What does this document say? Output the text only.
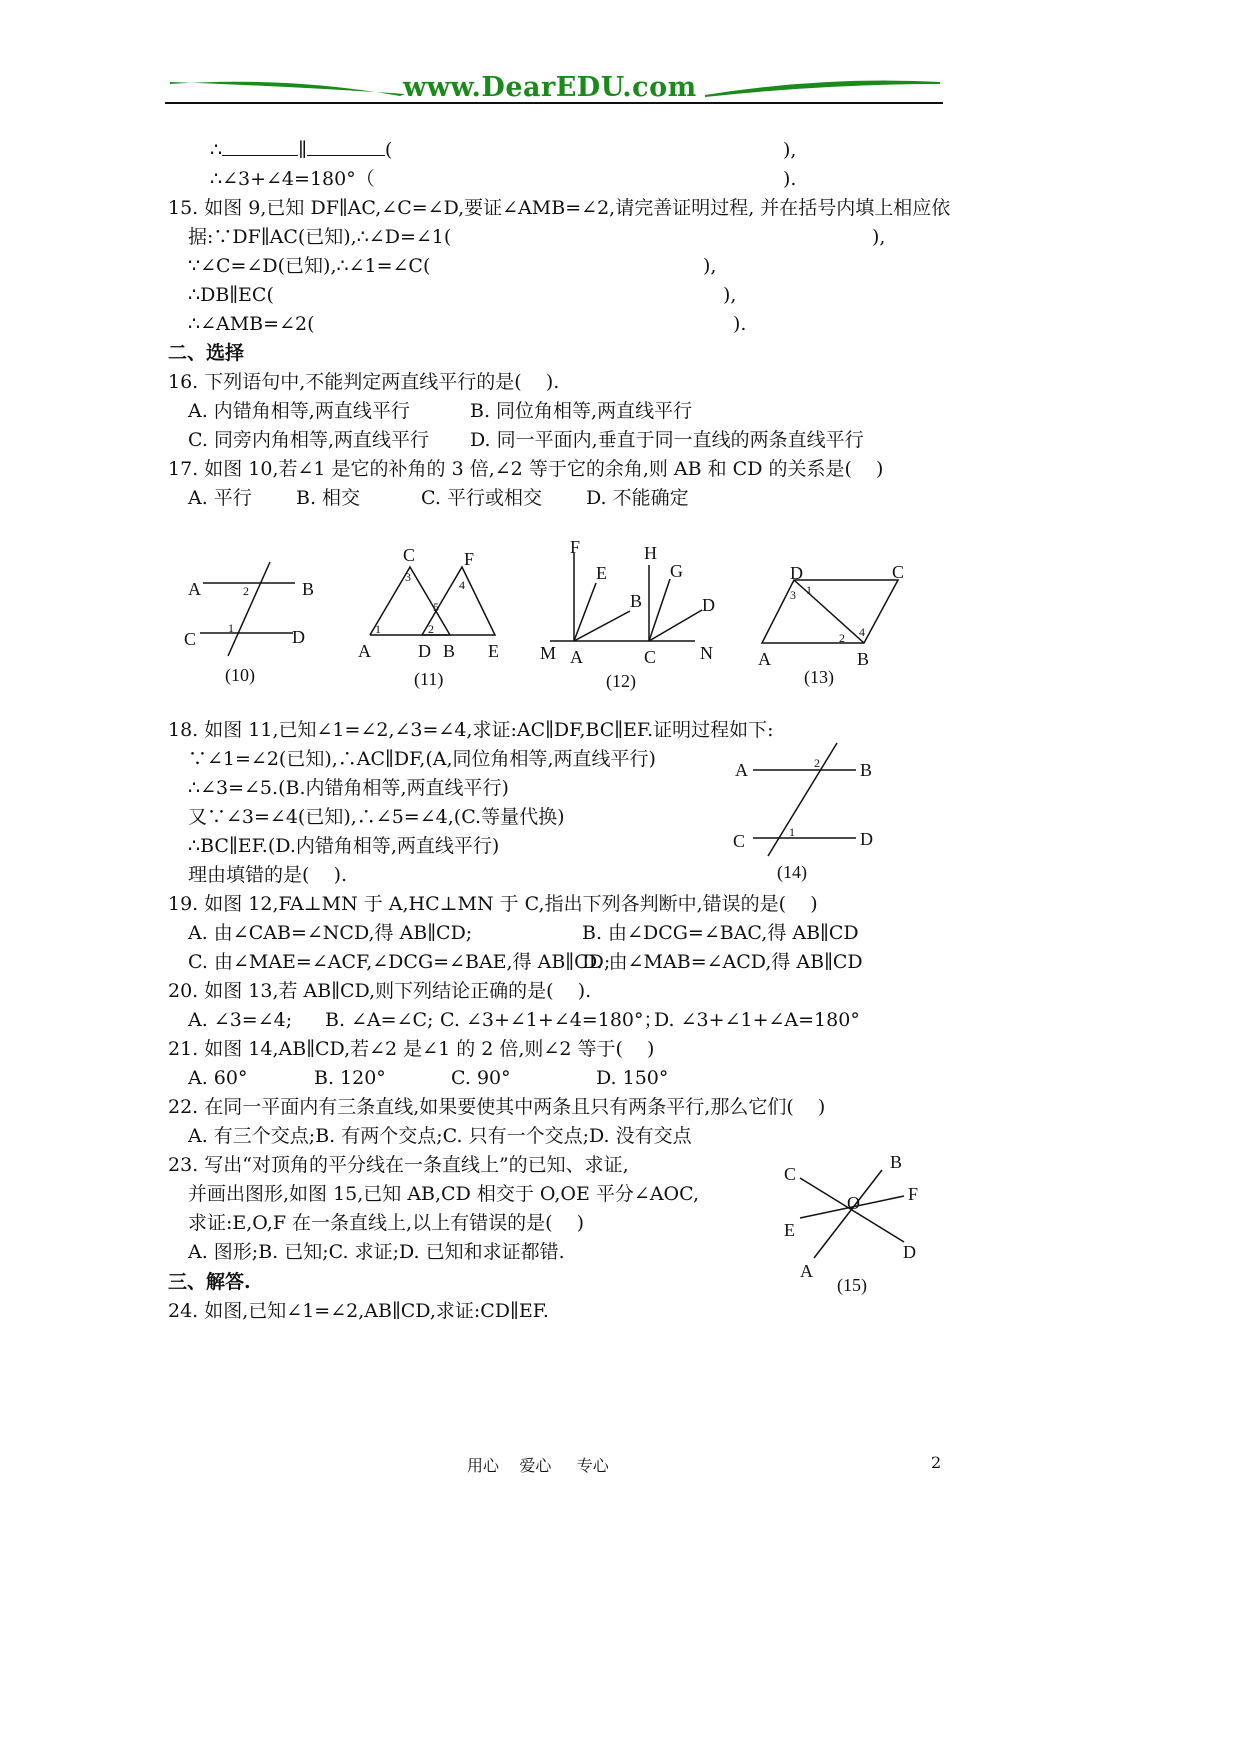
www.DearEDU.com
∴	∥	(	),
∴∠3+∠4=180°（	).
15. 如图 9,已知 DF∥AC,∠C=∠D,要证∠AMB=∠2,请完善证明过程, 并在括号内填上相应依
据:∵DF∥AC(已知),∴∠D=∠1(	),
∵∠C=∠D(已知),∴∠1=∠C(	),
∴DB∥EC(	),
∴∠AMB=∠2(	).
二、选择
16. 下列语句中,不能判定两直线平行的是(    ).
A. 内错角相等,两直线平行	B. 同位角相等,两直线平行
C. 同旁内角相等,两直线平行 D. 同一平面内,垂直于同一直线的两条直线平行
17. 如图 10,若∠1 是它的补角的 3 倍,∠2 等于它的余角,则 AB 和 CD 的关系是(    )
A. 平行 B. 相交	C. 平行或相交 D. 不能确定
A	B
C	D
2
1
(10)
A
C
D B
F
E
1	2
3
4
5
(11)
M A	C N
F
E
B
H
G
D
(12)
A	B
D	C
1
3
2 4
(13)
18. 如图 11,已知∠1=∠2,∠3=∠4,求证:AC∥DF,BC∥EF.证明过程如下:
∵∠1=∠2(已知),∴AC∥DF,(A,同位角相等,两直线平行)
∴∠3=∠5.(B.内错角相等,两直线平行)
又∵∠3=∠4(已知),∴∠5=∠4,(C.等量代换)
∴BC∥EF.(D.内错角相等,两直线平行)
理由填错的是(    ).
A	B
C	D
2
1
(14)
19. 如图 12,FA⊥MN 于 A,HC⊥MN 于 C,指出下列各判断中,错误的是(    )
A. 由∠CAB=∠NCD,得 AB∥CD;	B. 由∠DCG=∠BAC,得 AB∥CD
C. 由∠MAE=∠ACF,∠DCG=∠BAE,得 AB∥CD;
D. 由∠MAB=∠ACD,得 AB∥CD
20. 如图 13,若 AB∥CD,则下列结论正确的是(    ).
A. ∠3=∠4; B. ∠A=∠C; C. ∠3+∠1+∠4=180°；
D. ∠3+∠1+∠A=180°
21. 如图 14,AB∥CD,若∠2 是∠1 的 2 倍,则∠2 等于(    )
A. 60°	B. 120°	C. 90°	D. 150°
22. 在同一平面内有三条直线,如果要使其中两条且只有两条平行,那么它们(    )
A. 有三个交点;B. 有两个交点;C. 只有一个交点;D. 没有交点
23. 写出“对顶角的平分线在一条直线上”的已知、求证,
并画出图形,如图 15,已知 AB,CD 相交于 O,OE 平分∠AOC,
求证:E,O,F 在一条直线上,以上有错误的是(    )
A. 图形;B. 已知;C. 求证;D. 已知和求证都错.
C
B
F
O
E
D
A
(15)
三、解答.
24. 如图,已知∠1=∠2,AB∥CD,求证:CD∥EF.
用心    爱心     专心	2
